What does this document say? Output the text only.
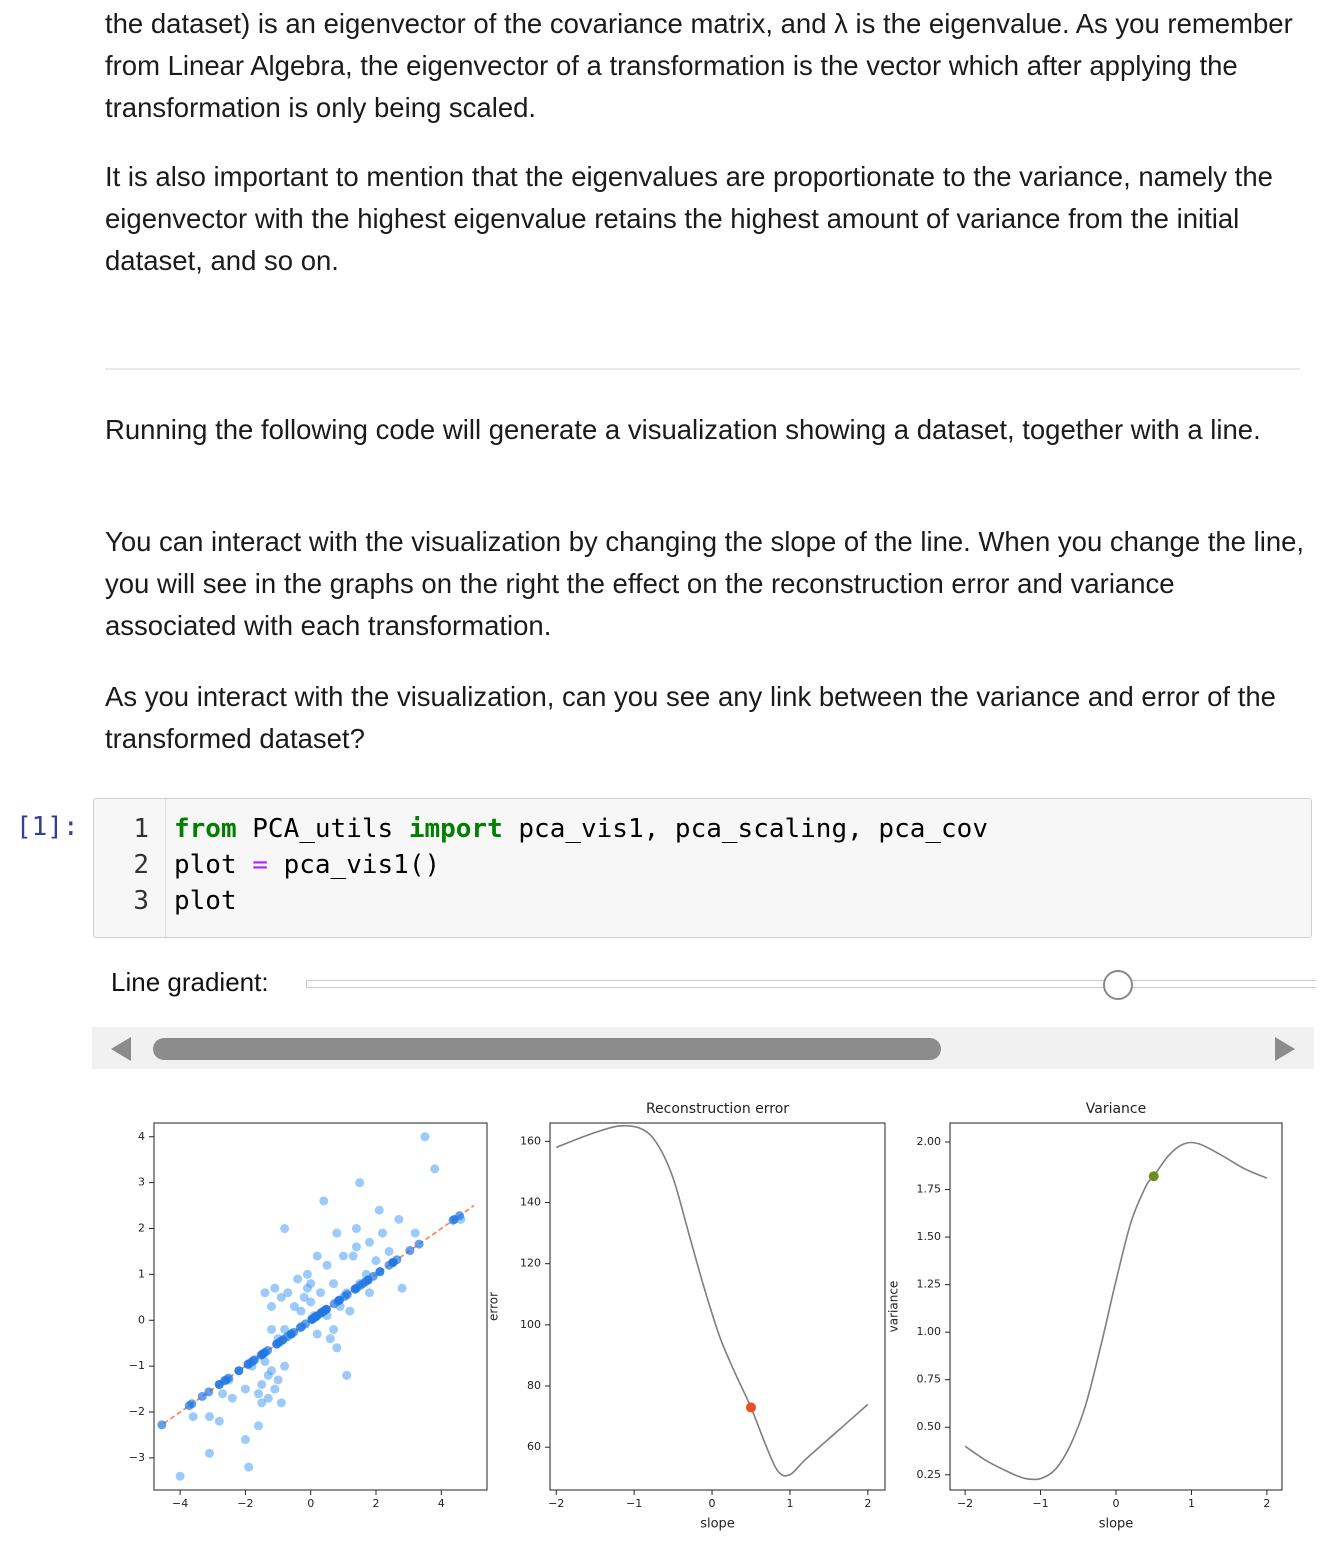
the dataset) is an eigenvector of the covariance matrix, and λ is the eigenvalue. As you remember from Linear Algebra, the eigenvector of a transformation is the vector which after applying the transformation is only being scaled.

It is also important to mention that the eigenvalues are proportionate to the variance, namely the eigenvector with the highest eigenvalue retains the highest amount of variance from the initial dataset, and so on.

Running the following code will generate a visualization showing a dataset, together with a line.

You can interact with the visualization by changing the slope of the line. When you change the line, you will see in the graphs on the right the effect on the reconstruction error and variance associated with each transformation.

As you interact with the visualization, can you see any link between the variance and error of the transformed dataset?

[1]: 1
2
3
from PCA_utils import pca_vis1, pca_scaling, pca_cov
plot = pca_vis1()
plot
Line gradient:
−4	−2	0	2	4
−3
−2
−1
0
1
2
3
4
−2	−1	0	1	2
60
80
100
120
140
160
Reconstruction error
slope
error
−2	−1	0	1	2
0.25
0.50
0.75
1.00
1.25
1.50
1.75
2.00
Variance
slope
variance
